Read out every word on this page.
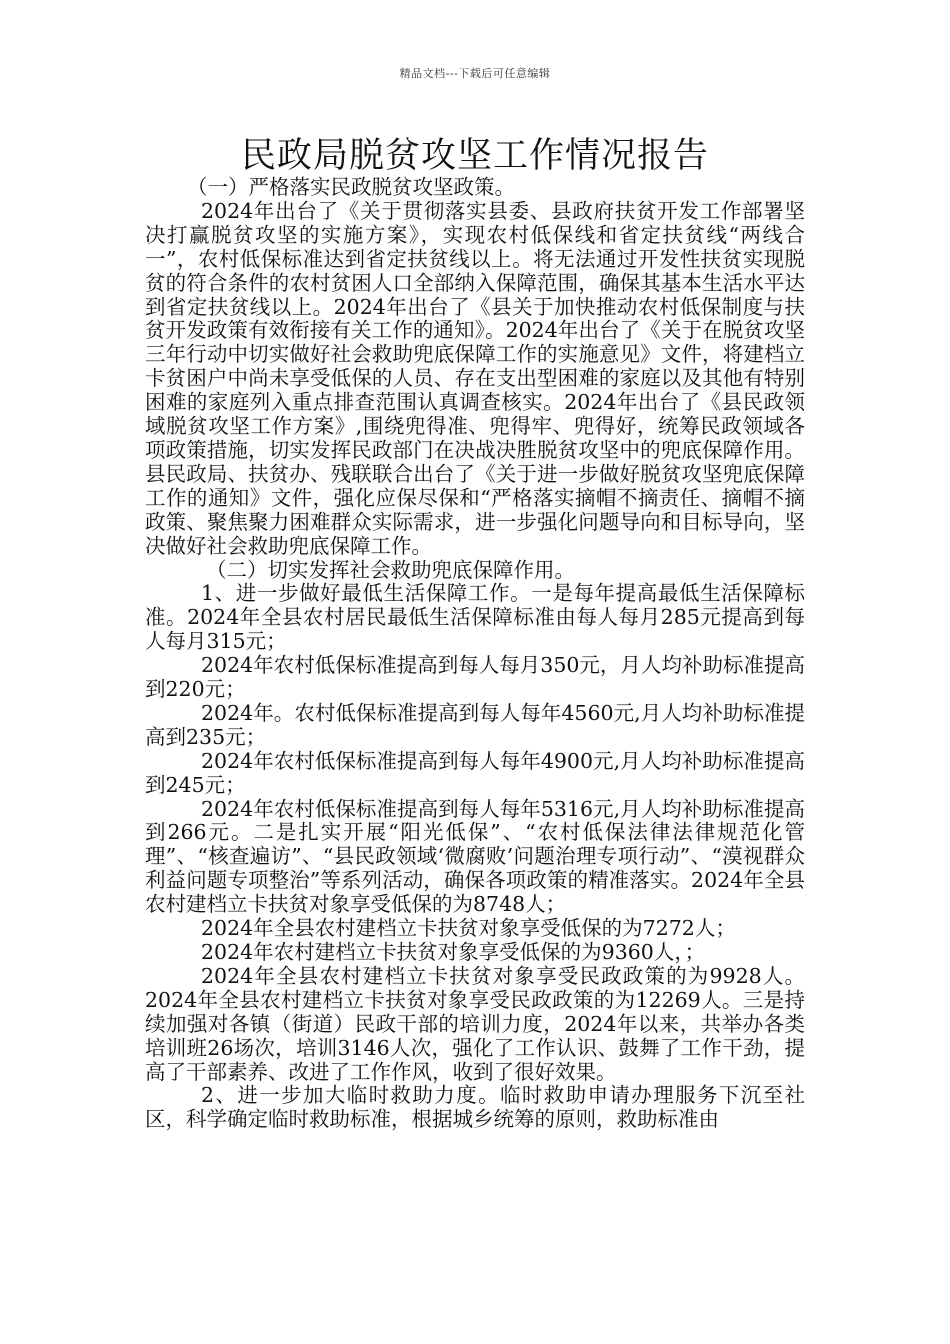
精品文档---下载后可任意编辑
民政局脱贫攻坚工作情况报告

（一）严格落实民政脱贫攻坚政策。

2024年出台了《关于贯彻落实县委、县政府扶贫开发工作部署坚决打赢脱贫攻坚的实施方案》，实现农村低保线和省定扶贫线“两线合一”，农村低保标准达到省定扶贫线以上。将无法通过开发性扶贫实现脱贫的符合条件的农村贫困人口全部纳入保障范围，确保其基本生活水平达到省定扶贫线以上。2024年出台了《县关于加快推动农村低保制度与扶贫开发政策有效衔接有关工作的通知》。2024年出台了《关于在脱贫攻坚三年行动中切实做好社会救助兜底保障工作的实施意见》文件，将建档立卡贫困户中尚未享受低保的人员、存在支出型困难的家庭以及其他有特别困难的家庭列入重点排查范围认真调查核实。2024年出台了《县民政领域脱贫攻坚工作方案》,围绕兜得准、兜得牢、兜得好，统筹民政领域各项政策措施，切实发挥民政部门在决战决胜脱贫攻坚中的兜底保障作用。县民政局、扶贫办、残联联合出台了《关于进一步做好脱贫攻坚兜底保障工作的通知》文件，强化应保尽保和“严格落实摘帽不摘责任、摘帽不摘政策、聚焦聚力困难群众实际需求，进一步强化问题导向和目标导向，坚决做好社会救助兜底保障工作。

（二）切实发挥社会救助兜底保障作用。

1、进一步做好最低生活保障工作。一是每年提高最低生活保障标准。2024年全县农村居民最低生活保障标准由每人每月285元提高到每人每月315元；

2024年农村低保标准提高到每人每月350元，月人均补助标准提高到220元；

2024年。农村低保标准提高到每人每年4560元,月人均补助标准提高到235元；

2024年农村低保标准提高到每人每年4900元,月人均补助标准提高到245元；

2024年农村低保标准提高到每人每年5316元,月人均补助标准提高到266元。二是扎实开展“阳光低保”、“农村低保法律法律规范化管理”、“核查遍访”、“县民政领域‘微腐败’问题治理专项行动”、“漠视群众利益问题专项整治”等系列活动，确保各项政策的精准落实。2024年全县农村建档立卡扶贫对象享受低保的为8748人；

2024年全县农村建档立卡扶贫对象享受低保的为7272人；

2024年农村建档立卡扶贫对象享受低保的为9360人，；

2024年全县农村建档立卡扶贫对象享受民政政策的为9928人。2024年全县农村建档立卡扶贫对象享受民政政策的为12269人。三是持续加强对各镇（街道）民政干部的培训力度，2024年以来，共举办各类培训班26场次，培训3146人次，强化了工作认识、鼓舞了工作干劲，提高了干部素养、改进了工作作风，收到了很好效果。

2、进一步加大临时救助力度。临时救助申请办理服务下沉至社区，科学确定临时救助标准，根据城乡统筹的原则，救助标准由
